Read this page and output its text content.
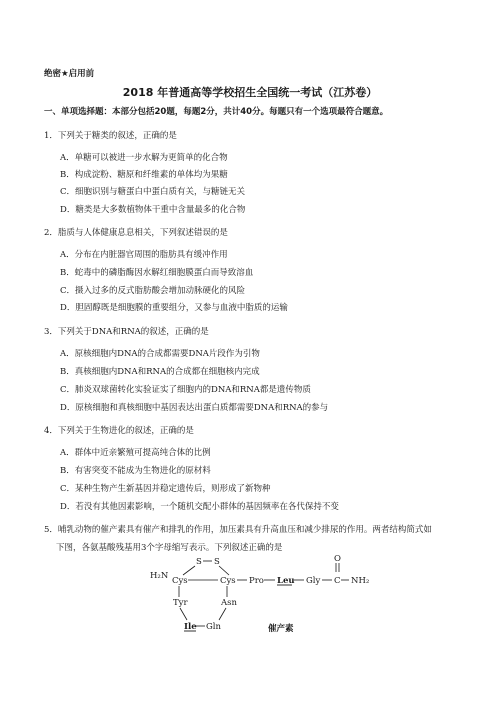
绝密★启用前
2018 年普通高等学校招生全国统一考试（江苏卷）
一、单项选择题：本部分包括20题，每题2分，共计40分。每题只有一个选项最符合题意。
1．下列关于糖类的叙述，正确的是
A．单糖可以被进一步水解为更简单的化合物
B．构成淀粉、糖原和纤维素的单体均为果糖
C．细胞识别与糖蛋白中蛋白质有关，与糖链无关
D．糖类是大多数植物体干重中含量最多的化合物
2．脂质与人体健康息息相关，下列叙述错误的是
A．分布在内脏器官周围的脂肪具有缓冲作用
B．蛇毒中的磷脂酶因水解红细胞膜蛋白而导致溶血
C．摄入过多的反式脂肪酸会增加动脉硬化的风险
D．胆固醇既是细胞膜的重要组分，又参与血液中脂质的运输
3．下列关于DNA和RNA的叙述，正确的是
A．原核细胞内DNA的合成都需要DNA片段作为引物
B．真核细胞内DNA和RNA的合成都在细胞核内完成
C．肺炎双球菌转化实验证实了细胞内的DNA和RNA都是遗传物质
D．原核细胞和真核细胞中基因表达出蛋白质都需要DNA和RNA的参与
4．下列关于生物进化的叙述，正确的是
A．群体中近亲繁殖可提高纯合体的比例
B．有害突变不能成为生物进化的原材料
C．某种生物产生新基因并稳定遗传后，则形成了新物种
D．若没有其他因素影响，一个随机交配小群体的基因频率在各代保持不变
5．哺乳动物的催产素具有催产和排乳的作用，加压素具有升高血压和减少排尿的作用。两者结构简式如
下图，各氨基酸残基用3个字母缩写表示。下列叙述正确的是
H₂N Cys
S S
Cys Pro Leu Gly C
O
NH₂
Tyr	Asn
Ile Gln	催产素
